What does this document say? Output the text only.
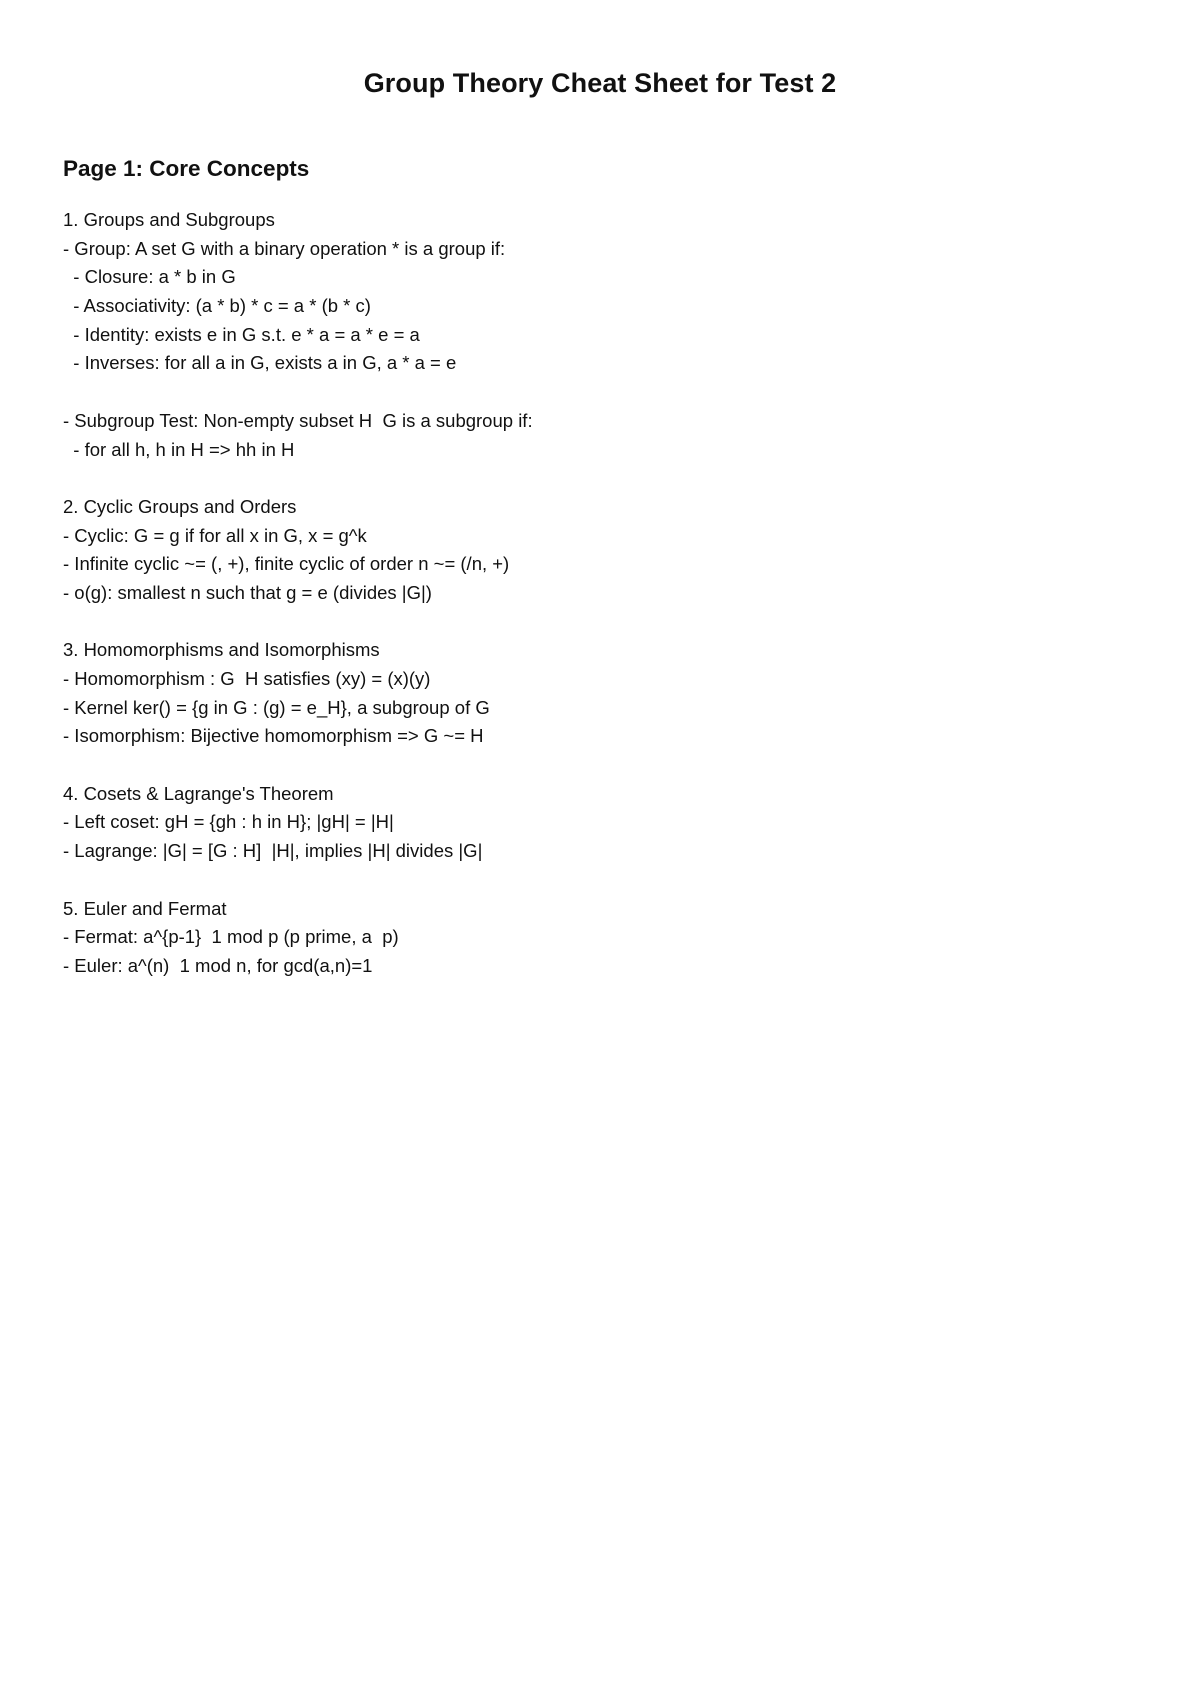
Group Theory Cheat Sheet for Test 2
Page 1: Core Concepts
1. Groups and Subgroups
- Group: A set G with a binary operation * is a group if:
- Closure: a * b in G
- Associativity: (a * b) * c = a * (b * c)
- Identity: exists e in G s.t. e * a = a * e = a
- Inverses: for all a in G, exists a in G, a * a = e
- Subgroup Test: Non-empty subset H  G is a subgroup if:
- for all h, h in H => hh in H
2. Cyclic Groups and Orders
- Cyclic: G = g if for all x in G, x = g^k
- Infinite cyclic ~= (, +), finite cyclic of order n ~= (/n, +)
- o(g): smallest n such that g = e (divides |G|)
3. Homomorphisms and Isomorphisms
- Homomorphism : G  H satisfies (xy) = (x)(y)
- Kernel ker() = {g in G : (g) = e_H}, a subgroup of G
- Isomorphism: Bijective homomorphism => G ~= H
4. Cosets & Lagrange's Theorem
- Left coset: gH = {gh : h in H}; |gH| = |H|
- Lagrange: |G| = [G : H]  |H|, implies |H| divides |G|
5. Euler and Fermat
- Fermat: a^{p-1}  1 mod p (p prime, a  p)
- Euler: a^(n)  1 mod n, for gcd(a,n)=1
